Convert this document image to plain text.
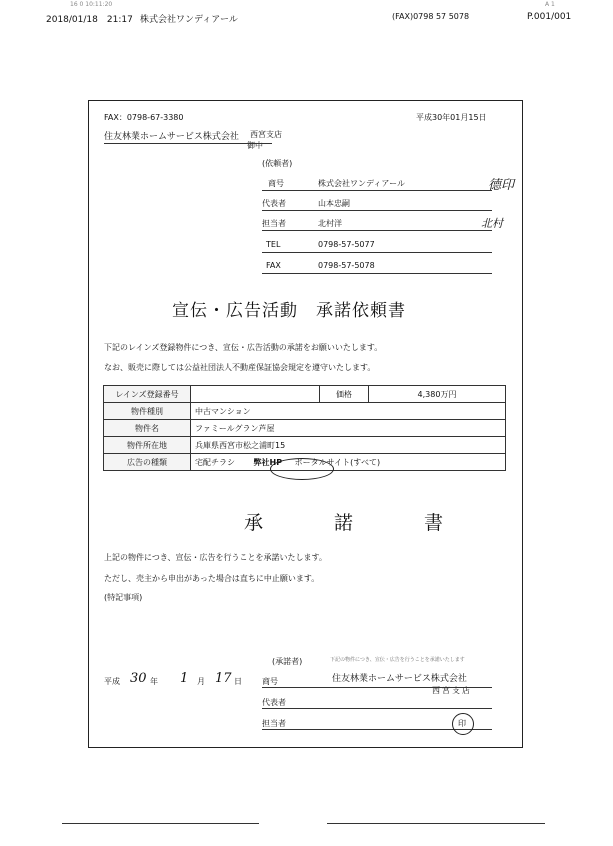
16 0 10:11:20	A 1
2018/01/18　21:17 株式会社ワンディアール	(FAX)0798 57 5078	P.001/001
FAX：0798-67-3380	平成30年01月15日
住友林業ホームサービス株式会社 西宮支店
御中
(依頼者)
商号	株式会社ワンディアール	德印
代表者	山本忠嗣
担当者	北村洋	北村
TEL	0798-57-5077
FAX	0798-57-5078
宣伝・広告活動　承諾依頼書
下記のレインズ登録物件につき、宣伝・広告活動の承諾をお願いいたします。
なお、販売に際しては公益社団法人不動産保証協会規定を遵守いたします。
レインズ登録番号		価格	4,380万円
物件種別	中古マンション		
物件名	ファミールグラン芦屋		
物件所在地	兵庫県西宮市松之浦町15		
広告の種類	宅配チラシ 弊社HP ポータルサイト(すべて)		
承　諾　書
上記の物件につき、宣伝・広告を行うことを承諾いたします。
ただし、売主から申出があった場合は直ちに中止願います。
(特記事項)
平成 30 年 1 月 17 日
(承諾者)	下記の物件につき、宣伝・広告を行うことを承諾いたします
商号	住友林業ホームサービス株式会社
西宮支店
代表者
担当者	印
